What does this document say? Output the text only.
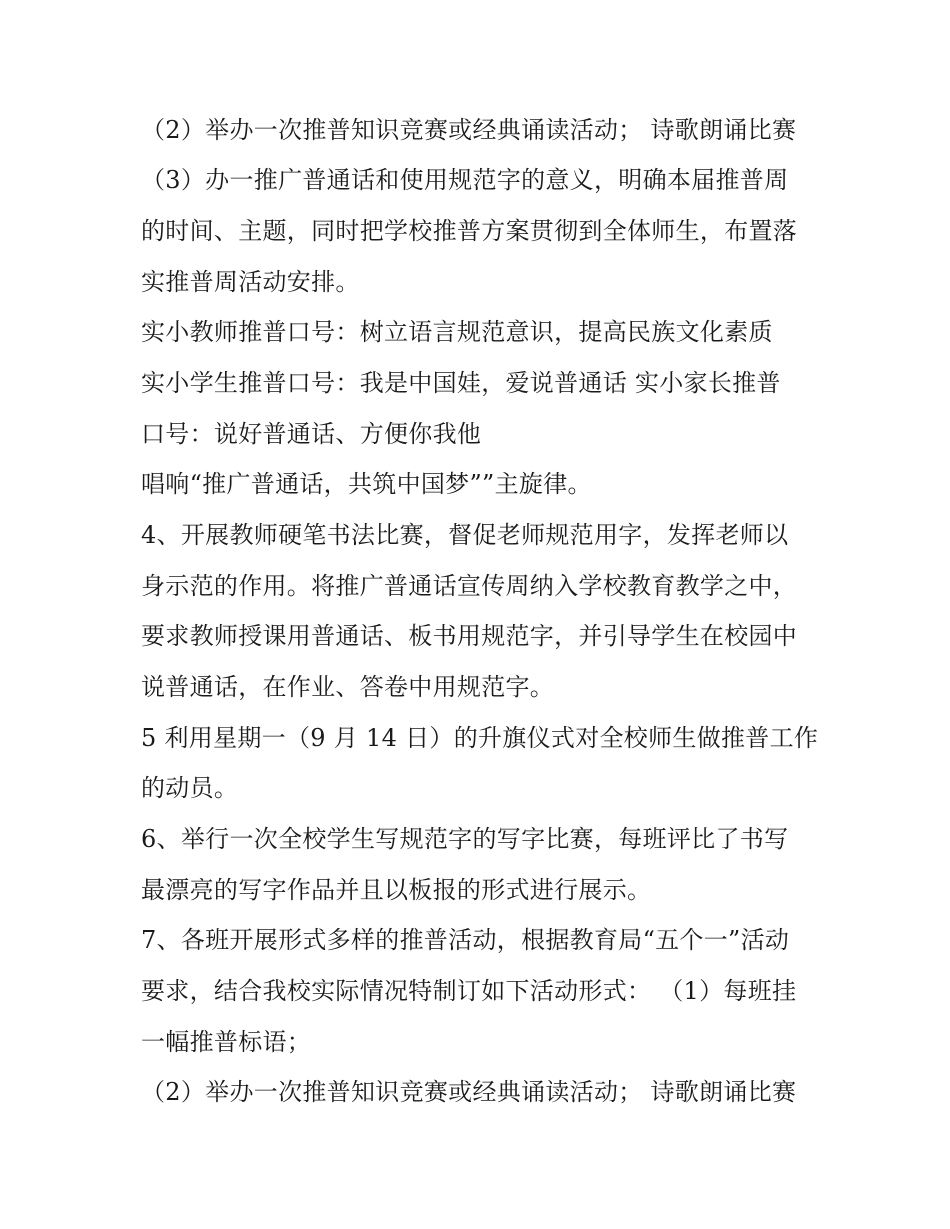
（2）举办一次推普知识竞赛或经典诵读活动； 诗歌朗诵比赛
（3）办一推广普通话和使用规范字的意义，明确本届推普周
的时间、主题，同时把学校推普方案贯彻到全体师生，布置落
实推普周活动安排。
实小教师推普口号：树立语言规范意识，提高民族文化素质
实小学生推普口号：我是中国娃，爱说普通话 实小家长推普
口号：说好普通话、方便你我他
唱响“推广普通话，共筑中国梦””主旋律。
4、开展教师硬笔书法比赛，督促老师规范用字，发挥老师以
身示范的作用。将推广普通话宣传周纳入学校教育教学之中，
要求教师授课用普通话、板书用规范字，并引导学生在校园中
说普通话，在作业、答卷中用规范字。
5 利用星期一（9 月 14 日）的升旗仪式对全校师生做推普工作
的动员。
6、举行一次全校学生写规范字的写字比赛，每班评比了书写
最漂亮的写字作品并且以板报的形式进行展示。
7、各班开展形式多样的推普活动，根据教育局“五个一”活动
要求，结合我校实际情况特制订如下活动形式： （1）每班挂
一幅推普标语；
（2）举办一次推普知识竞赛或经典诵读活动； 诗歌朗诵比赛
